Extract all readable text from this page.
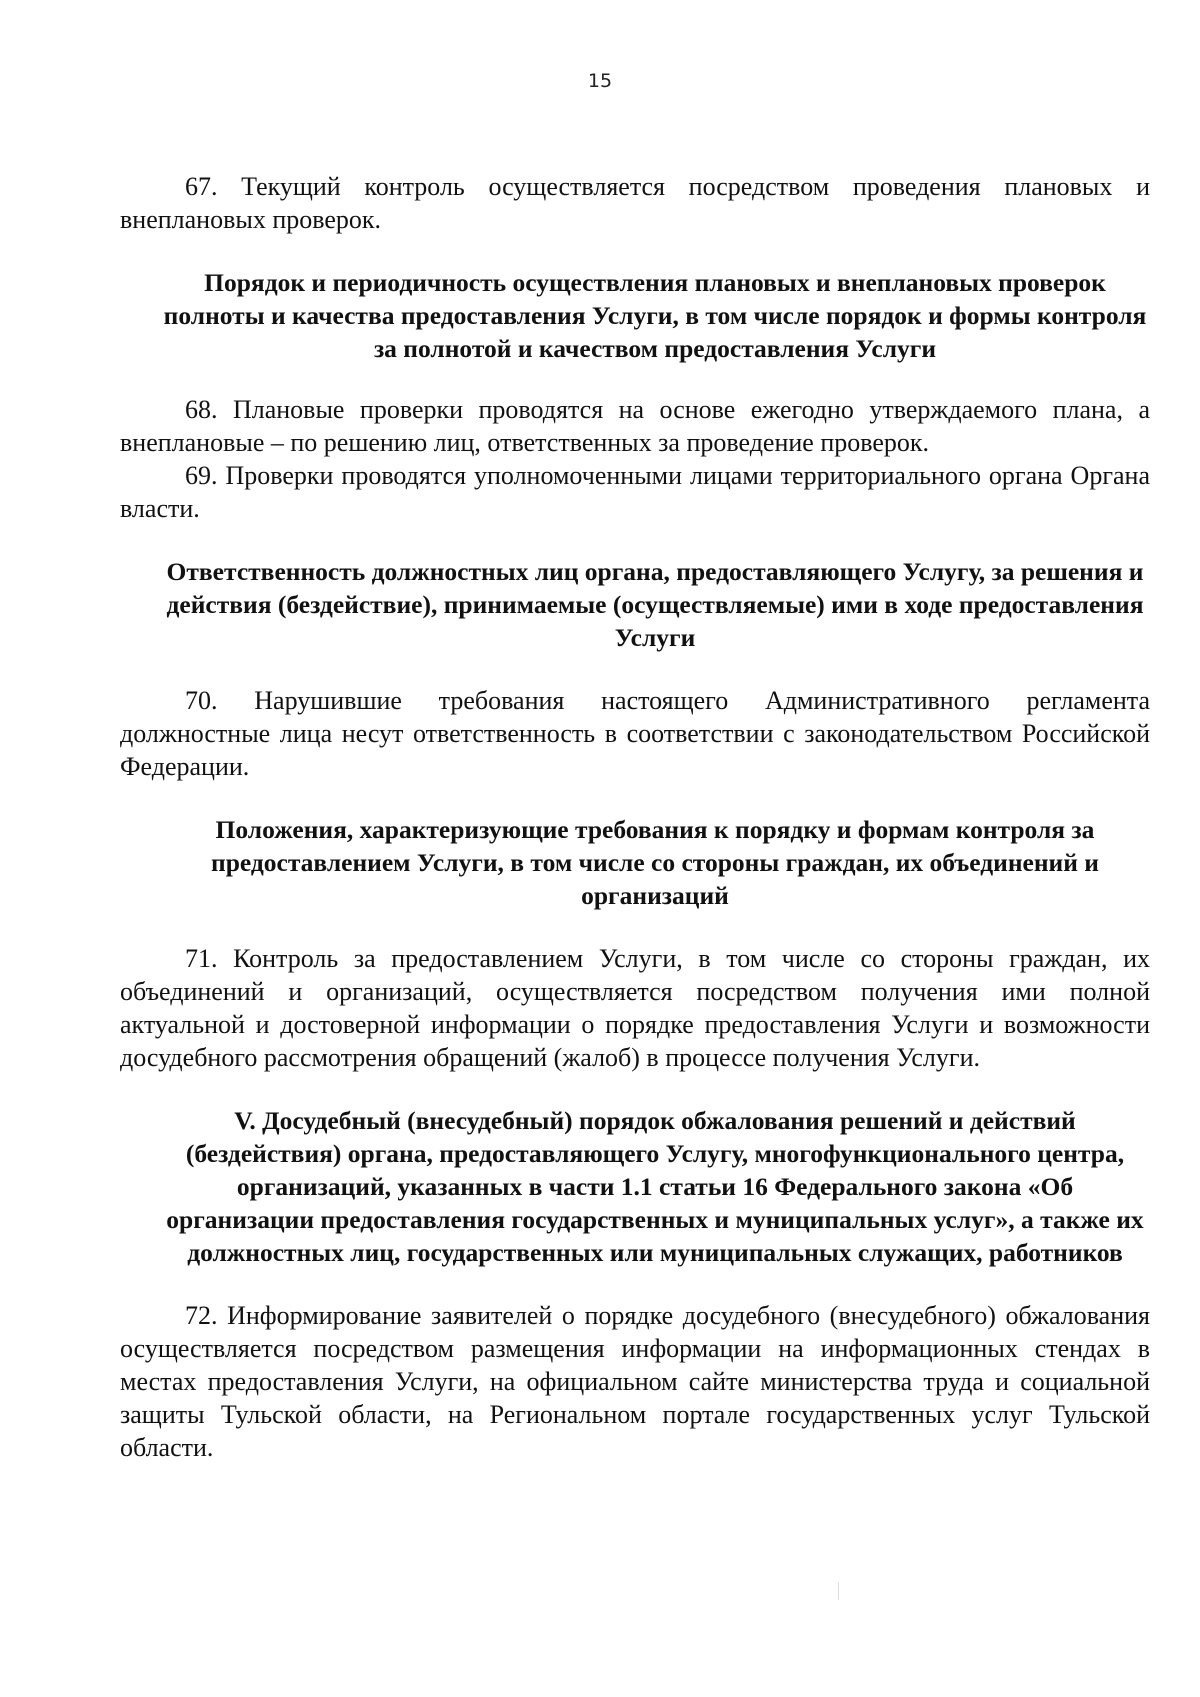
15

67. Текущий контроль осуществляется посредством проведения плановых и внеплановых проверок.

Порядок и периодичность осуществления плановых и внеплановых проверок полноты и качества предоставления Услуги, в том числе порядок и формы контроля за полнотой и качеством предоставления Услуги

68. Плановые проверки проводятся на основе ежегодно утверждаемого плана, а внеплановые – по решению лиц, ответственных за проведение проверок.

69. Проверки проводятся уполномоченными лицами территориального органа Органа власти.

Ответственность должностных лиц органа, предоставляющего Услугу, за решения и действия (бездействие), принимаемые (осуществляемые) ими в ходе предоставления Услуги

70. Нарушившие требования настоящего Административного регламента должностные лица несут ответственность в соответствии с законодательством Российской Федерации.

Положения, характеризующие требования к порядку и формам контроля за предоставлением Услуги, в том числе со стороны граждан, их объединений и организаций

71. Контроль за предоставлением Услуги, в том числе со стороны граждан, их объединений и организаций, осуществляется посредством получения ими полной актуальной и достоверной информации о порядке предоставления Услуги и возможности досудебного рассмотрения обращений (жалоб) в процессе получения Услуги.

V. Досудебный (внесудебный) порядок обжалования решений и действий (бездействия) органа, предоставляющего Услугу, многофункционального центра, организаций, указанных в части 1.1 статьи 16 Федерального закона «Об организации предоставления государственных и муниципальных услуг», а также их должностных лиц, государственных или муниципальных служащих, работников

72. Информирование заявителей о порядке досудебного (внесудебного) обжалования осуществляется посредством размещения информации на информационных стендах в местах предоставления Услуги, на официальном сайте министерства труда и социальной защиты Тульской области, на Региональном портале государственных услуг Тульской области.
